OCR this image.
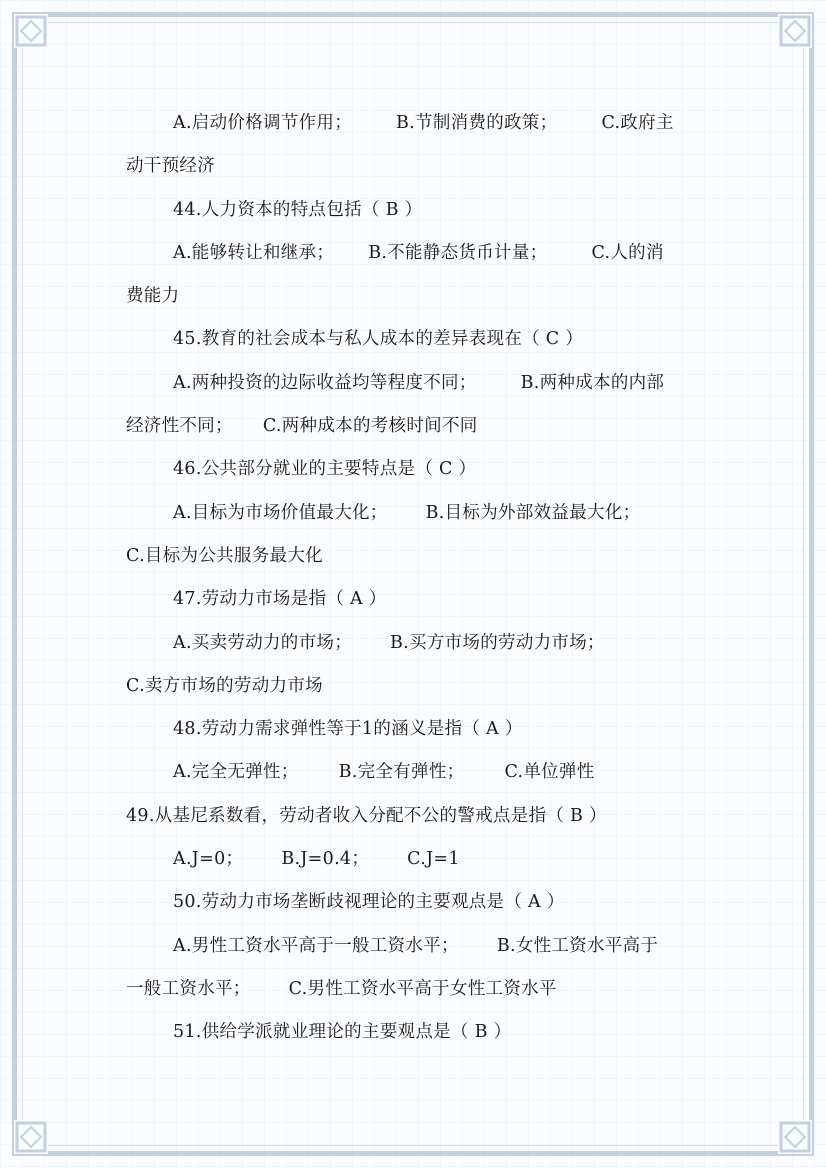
A.启动价格调节作用；	B.节制消费的政策；	C.政府主
动干预经济
44.人力资本的特点包括（ B ）
A.能够转让和继承； B.不能静态货币计量；	C.人的消
费能力
45.教育的社会成本与私人成本的差异表现在（ C ）
A.两种投资的边际收益均等程度不同；	B.两种成本的内部
经济性不同； C.两种成本的考核时间不同
46.公共部分就业的主要特点是（ C ）
A.目标为市场价值最大化； B.目标为外部效益最大化；
C.目标为公共服务最大化
47.劳动力市场是指（ A ）
A.买卖劳动力的市场； B.买方市场的劳动力市场；
C.卖方市场的劳动力市场
48.劳动力需求弹性等于1的涵义是指（ A ）
A.完全无弹性； B.完全有弹性； C.单位弹性
49.从基尼系数看，劳动者收入分配不公的警戒点是指（ B ）
A.J=0； B.J=0.4； C.J=1
50.劳动力市场垄断歧视理论的主要观点是（ A ）
A.男性工资水平高于一般工资水平； B.女性工资水平高于
一般工资水平； C.男性工资水平高于女性工资水平
51.供给学派就业理论的主要观点是（ B ）
